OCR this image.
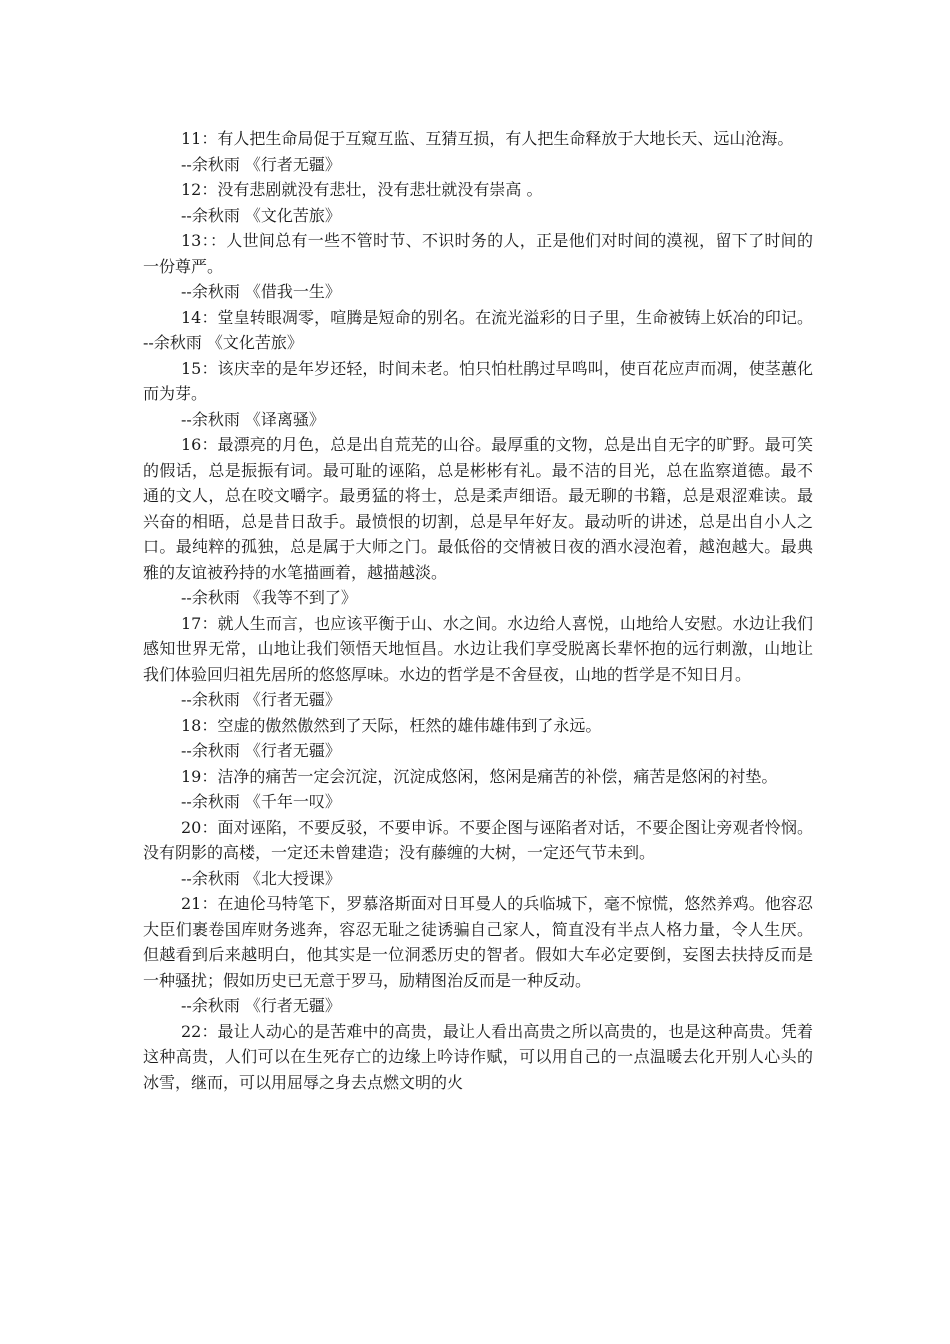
11：有人把生命局促于互窥互监、互猜互损，有人把生命释放于大地长天、远山沧海。

--余秋雨 《行者无疆》

12：没有悲剧就没有悲壮，没有悲壮就没有崇高 。

--余秋雨 《文化苦旅》

13：：人世间总有一些不管时节、不识时务的人，正是他们对时间的漠视，留下了时间的一份尊严。

--余秋雨 《借我一生》

14：堂皇转眼凋零，喧腾是短命的别名。在流光溢彩的日子里，生命被铸上妖冶的印记。 --余秋雨 《文化苦旅》

15：该庆幸的是年岁还轻，时间未老。怕只怕杜鹃过早鸣叫，使百花应声而凋，使茎蕙化而为芽。

--余秋雨 《译离骚》

16：最漂亮的月色，总是出自荒芜的山谷。最厚重的文物，总是出自无字的旷野。最可笑的假话，总是振振有词。最可耻的诬陷，总是彬彬有礼。最不洁的目光，总在监察道德。最不通的文人，总在咬文嚼字。最勇猛的将士，总是柔声细语。最无聊的书籍，总是艰涩难读。最兴奋的相晤，总是昔日敌手。最愤恨的切割，总是早年好友。最动听的讲述，总是出自小人之口。最纯粹的孤独，总是属于大师之门。最低俗的交情被日夜的酒水浸泡着，越泡越大。最典雅的友谊被矜持的水笔描画着，越描越淡。

--余秋雨 《我等不到了》

17：就人生而言，也应该平衡于山、水之间。水边给人喜悦，山地给人安慰。水边让我们感知世界无常，山地让我们领悟天地恒昌。水边让我们享受脱离长辈怀抱的远行刺激，山地让我们体验回归祖先居所的悠悠厚味。水边的哲学是不舍昼夜，山地的哲学是不知日月。

--余秋雨 《行者无疆》

18：空虚的傲然傲然到了天际，枉然的雄伟雄伟到了永远。

--余秋雨 《行者无疆》

19：洁净的痛苦一定会沉淀，沉淀成悠闲，悠闲是痛苦的补偿，痛苦是悠闲的衬垫。

--余秋雨 《千年一叹》

20：面对诬陷，不要反驳，不要申诉。不要企图与诬陷者对话，不要企图让旁观者怜悯。没有阴影的高楼，一定还未曾建造；没有藤缠的大树，一定还气节未到。

--余秋雨 《北大授课》

21：在迪伦马特笔下，罗慕洛斯面对日耳曼人的兵临城下，毫不惊慌，悠然养鸡。他容忍大臣们裹卷国库财务逃奔，容忍无耻之徒诱骗自己家人，简直没有半点人格力量，令人生厌。但越看到后来越明白，他其实是一位洞悉历史的智者。假如大车必定要倒，妄图去扶持反而是一种骚扰；假如历史已无意于罗马，励精图治反而是一种反动。

--余秋雨 《行者无疆》

22：最让人动心的是苦难中的高贵，最让人看出高贵之所以高贵的，也是这种高贵。凭着这种高贵，人们可以在生死存亡的边缘上吟诗作赋，可以用自己的一点温暖去化开别人心头的冰雪，继而，可以用屈辱之身去点燃文明的火
